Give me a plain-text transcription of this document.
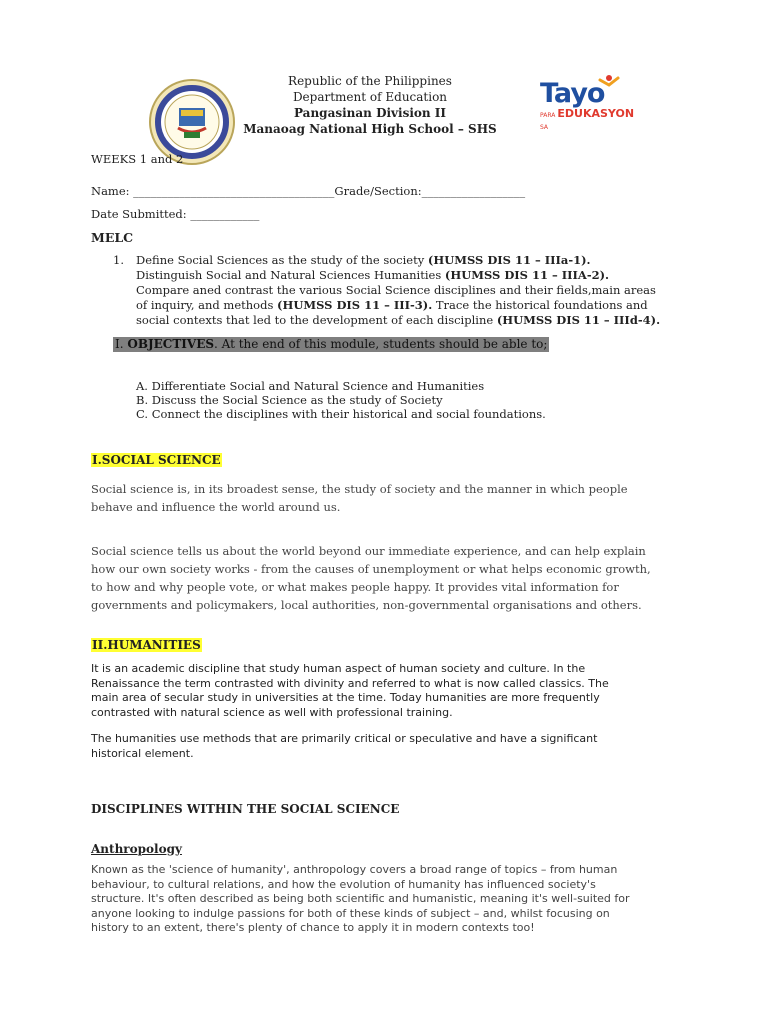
Republic of the Philippines
Department of Education
Pangasinan Division II
Manaoag National High School – SHS
Tayo
PARA SA
EDUKASYON
WEEKS 1 and 2
Name: ___________________________________Grade/Section:__________________
Date Submitted: ____________
MELC
1. Define Social Sciences as the study of the society (HUMSS DIS 11 – IIIa-1).
Distinguish Social and Natural Sciences Humanities (HUMSS DIS 11 – IIIA-2).
Compare aned contrast the various Social Science disciplines and their fields,main areas
of inquiry, and methods (HUMSS DIS 11 – III-3). Trace the historical foundations and
social contexts that led to the development of each discipline (HUMSS DIS 11 – IIId-4).
I. OBJECTIVES. At the end of this module, students should be able to;
A. Differentiate Social and Natural Science and Humanities
B. Discuss the Social Science as the study of Society
C. Connect the disciplines with their historical and social foundations.
I.SOCIAL SCIENCE
Social science is, in its broadest sense, the study of society and the manner in which people
behave and influence the world around us.
Social science tells us about the world beyond our immediate experience, and can help explain
how our own society works - from the causes of unemployment or what helps economic growth,
to how and why people vote, or what makes people happy. It provides vital information for
governments and policymakers, local authorities, non-governmental organisations and others.
II.HUMANITIES
It is an academic discipline that study human aspect of human society and culture. In the
Renaissance the term contrasted with divinity and referred to what is now called classics. The
main area of secular study in universities at the time. Today humanities are more frequently
contrasted with natural science as well with professional training.
The humanities use methods that are primarily critical or speculative and have a significant
historical element.
DISCIPLINES WITHIN THE SOCIAL SCIENCE
Anthropology
Known as the 'science of humanity', anthropology covers a broad range of topics – from human
behaviour, to cultural relations, and how the evolution of humanity has influenced society's
structure. It's often described as being both scientific and humanistic, meaning it's well-suited for
anyone looking to indulge passions for both of these kinds of subject – and, whilst focusing on
history to an extent, there's plenty of chance to apply it in modern contexts too!
